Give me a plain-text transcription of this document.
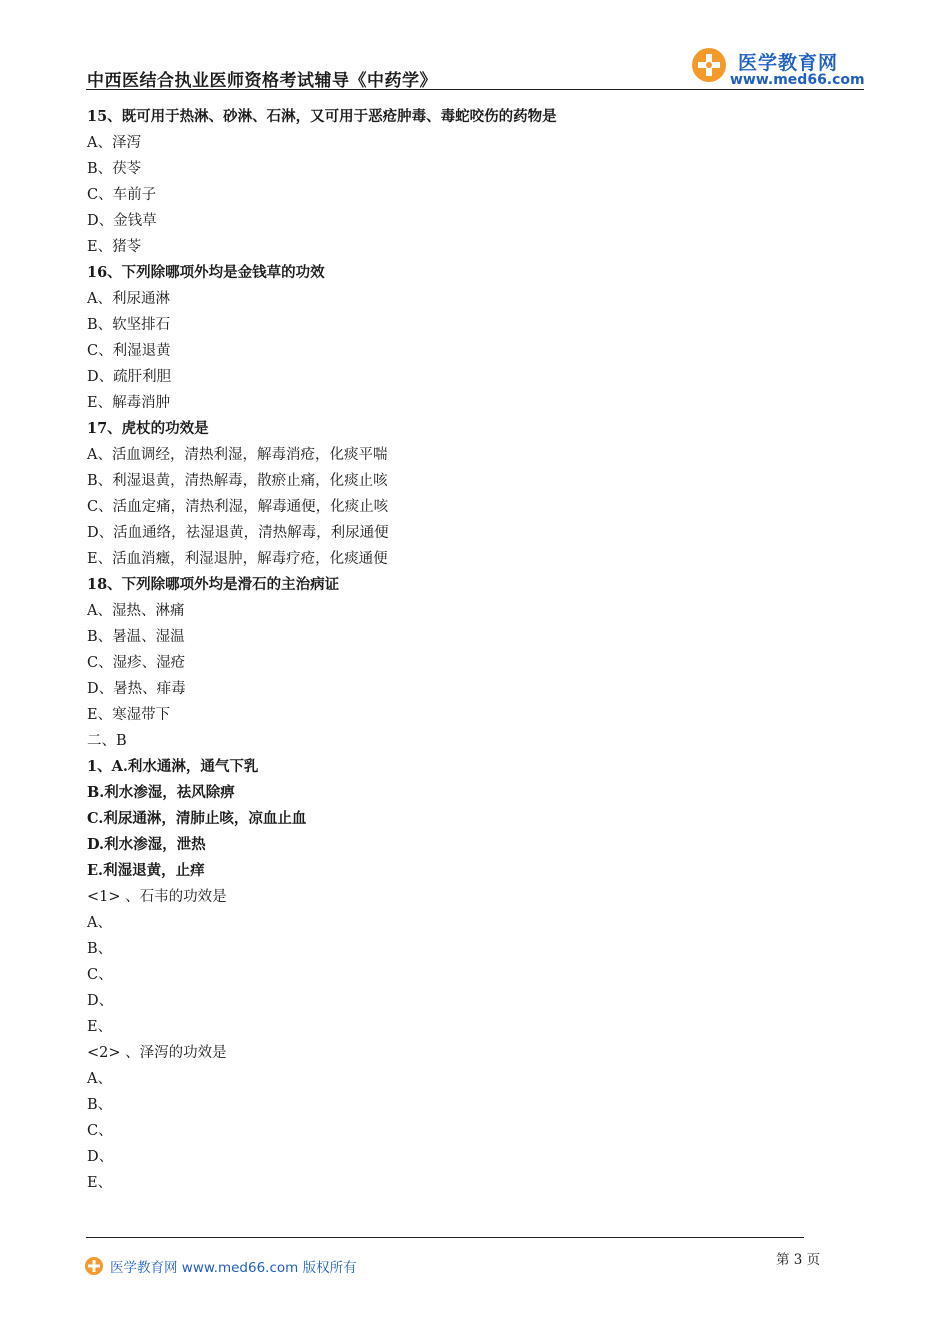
医学教育网
www.med66.com
中西医结合执业医师资格考试辅导《中药学》
15、既可用于热淋、砂淋、石淋，又可用于恶疮肿毒、毒蛇咬伤的药物是
A、泽泻
B、茯苓
C、车前子
D、金钱草
E、猪苓
16、下列除哪项外均是金钱草的功效
A、利尿通淋
B、软坚排石
C、利湿退黄
D、疏肝利胆
E、解毒消肿
17、虎杖的功效是
A、活血调经，清热利湿，解毒消疮，化痰平喘
B、利湿退黄，清热解毒，散瘀止痛，化痰止咳
C、活血定痛，清热利湿，解毒通便，化痰止咳
D、活血通络，祛湿退黄，清热解毒，利尿通便
E、活血消癥，利湿退肿，解毒疗疮，化痰通便
18、下列除哪项外均是滑石的主治病证
A、湿热、淋痛
B、暑温、湿温
C、湿疹、湿疮
D、暑热、痱毒
E、寒湿带下
二、B
1、A.利水通淋，通气下乳
B.利水渗湿，祛风除痹
C.利尿通淋，清肺止咳，凉血止血
D.利水渗湿，泄热
E.利湿退黄，止痒
<1> 、石韦的功效是
A、
B、
C、
D、
E、
<2> 、泽泻的功效是
A、
B、
C、
D、
E、
第 3 页
医学教育网 www.med66.com 版权所有
